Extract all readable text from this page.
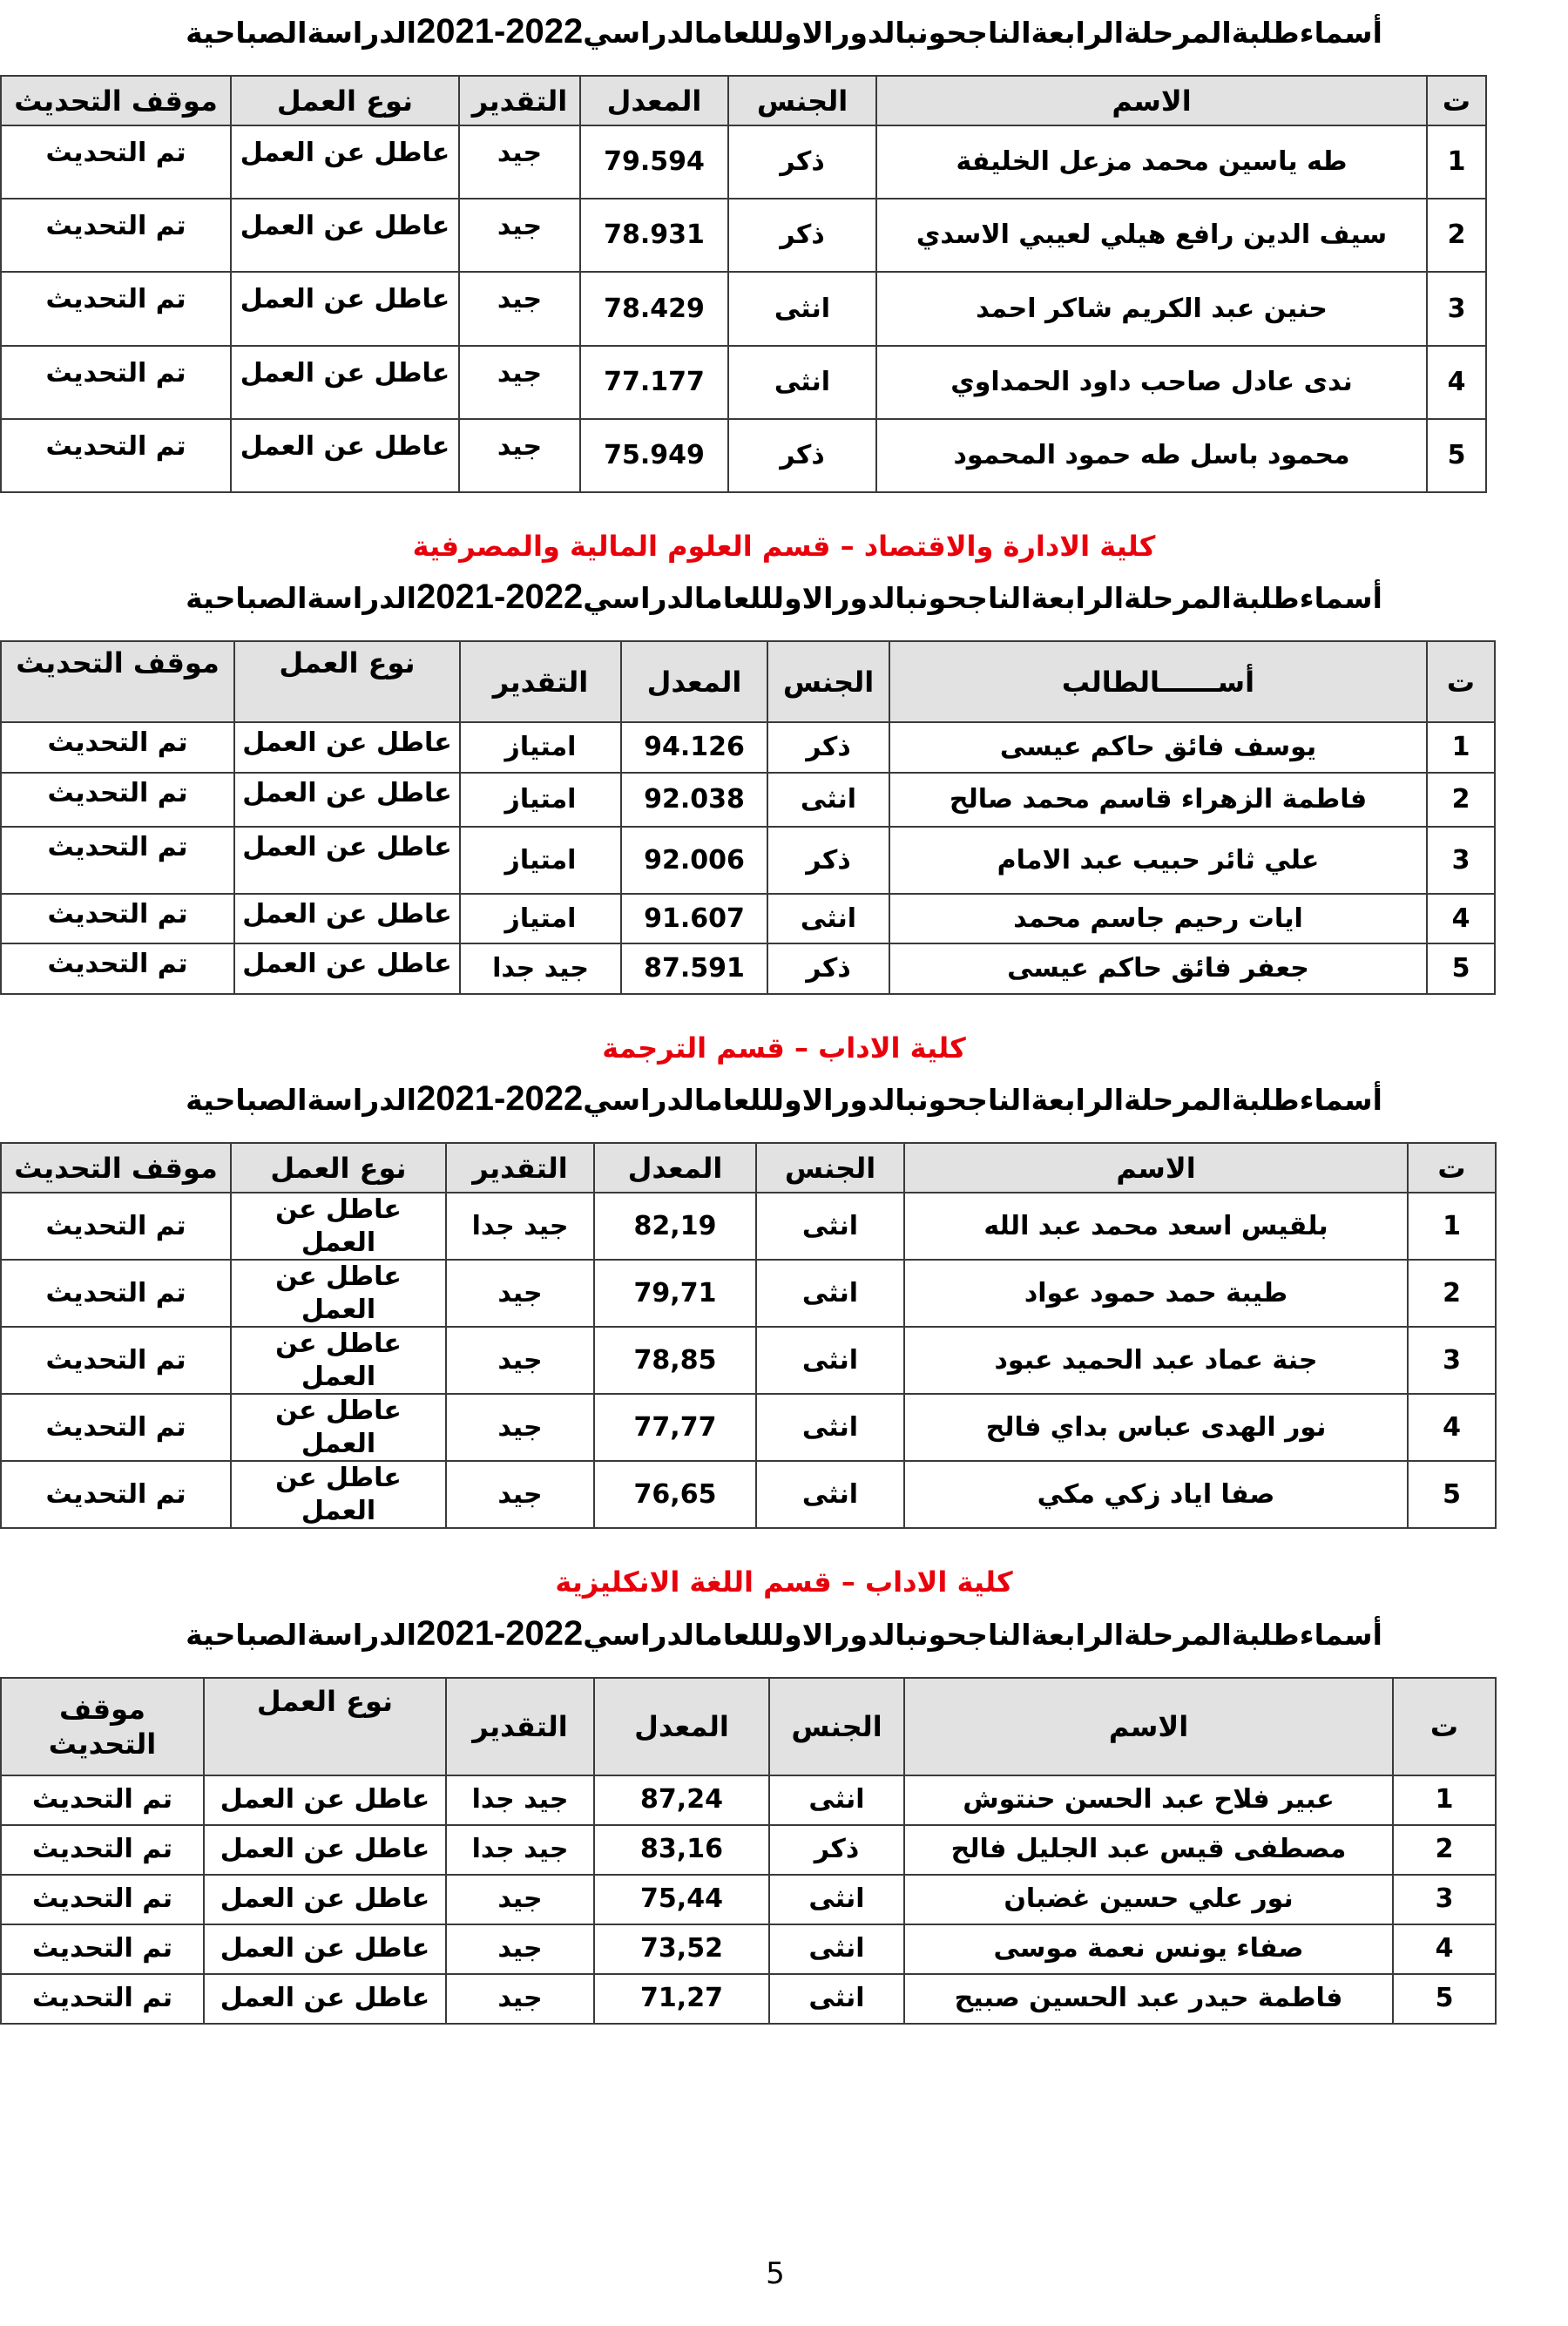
أسماءطلبةالمرحلةالرابعةالناجحونبالدورالاولللعامالدراسي2021-2022الدراسةالصباحية
ت	الاسم	الجنس	المعدل	التقدير	نوع العمل	موقف التحديث
1	طه ياسين محمد مزعل الخليفة	ذكر	79.594	جيد	عاطل عن العمل	تم التحديث
2	سيف الدين رافع هيلي لعيبي الاسدي	ذكر	78.931	جيد	عاطل عن العمل	تم التحديث
3	حنين عبد الكريم شاكر احمد	انثى	78.429	جيد	عاطل عن العمل	تم التحديث
4	ندى عادل صاحب داود الحمداوي	انثى	77.177	جيد	عاطل عن العمل	تم التحديث
5	محمود باسل طه حمود المحمود	ذكر	75.949	جيد	عاطل عن العمل	تم التحديث
كلية الادارة والاقتصاد – قسم العلوم المالية والمصرفية
أسماءطلبةالمرحلةالرابعةالناجحونبالدورالاولللعامالدراسي2021-2022الدراسةالصباحية
ت	أســــــالطالب	الجنس	المعدل	التقدير	نوع العمل	موقف التحديث
1	يوسف فائق حاكم عيسى	ذكر	94.126	امتياز	عاطل عن العمل	تم التحديث
2	فاطمة الزهراء قاسم محمد صالح	انثى	92.038	امتياز	عاطل عن العمل	تم التحديث
3	علي ثائر حبيب عبد الامام	ذكر	92.006	امتياز	عاطل عن العمل	تم التحديث
4	ايات رحيم جاسم محمد	انثى	91.607	امتياز	عاطل عن العمل	تم التحديث
5	جعفر فائق حاكم عيسى	ذكر	87.591	جيد جدا	عاطل عن العمل	تم التحديث
كلية الاداب – قسم الترجمة
أسماءطلبةالمرحلةالرابعةالناجحونبالدورالاولللعامالدراسي2021-2022الدراسةالصباحية
ت	الاسم	الجنس	المعدل	التقدير	نوع العمل	موقف التحديث
1	بلقيس اسعد محمد عبد الله	انثى	82,19	جيد جدا	عاطل عن العمل	تم التحديث
2	طيبة حمد حمود عواد	انثى	79,71	جيد	عاطل عن العمل	تم التحديث
3	جنة عماد عبد الحميد عبود	انثى	78,85	جيد	عاطل عن العمل	تم التحديث
4	نور الهدى عباس بداي فالح	انثى	77,77	جيد	عاطل عن العمل	تم التحديث
5	صفا اياد زكي مكي	انثى	76,65	جيد	عاطل عن العمل	تم التحديث
كلية الاداب – قسم اللغة الانكليزية
أسماءطلبةالمرحلةالرابعةالناجحونبالدورالاولللعامالدراسي2021-2022الدراسةالصباحية
ت	الاسم	الجنس	المعدل	التقدير	نوع العمل	موقف التحديث
1	عبير فلاح عبد الحسن حنتوش	انثى	87,24	جيد جدا	عاطل عن العمل	تم التحديث
2	مصطفى قيس عبد الجليل فالح	ذكر	83,16	جيد جدا	عاطل عن العمل	تم التحديث
3	نور علي حسين غضبان	انثى	75,44	جيد	عاطل عن العمل	تم التحديث
4	صفاء يونس نعمة موسى	انثى	73,52	جيد	عاطل عن العمل	تم التحديث
5	فاطمة حيدر عبد الحسين صبيح	انثى	71,27	جيد	عاطل عن العمل	تم التحديث
5
